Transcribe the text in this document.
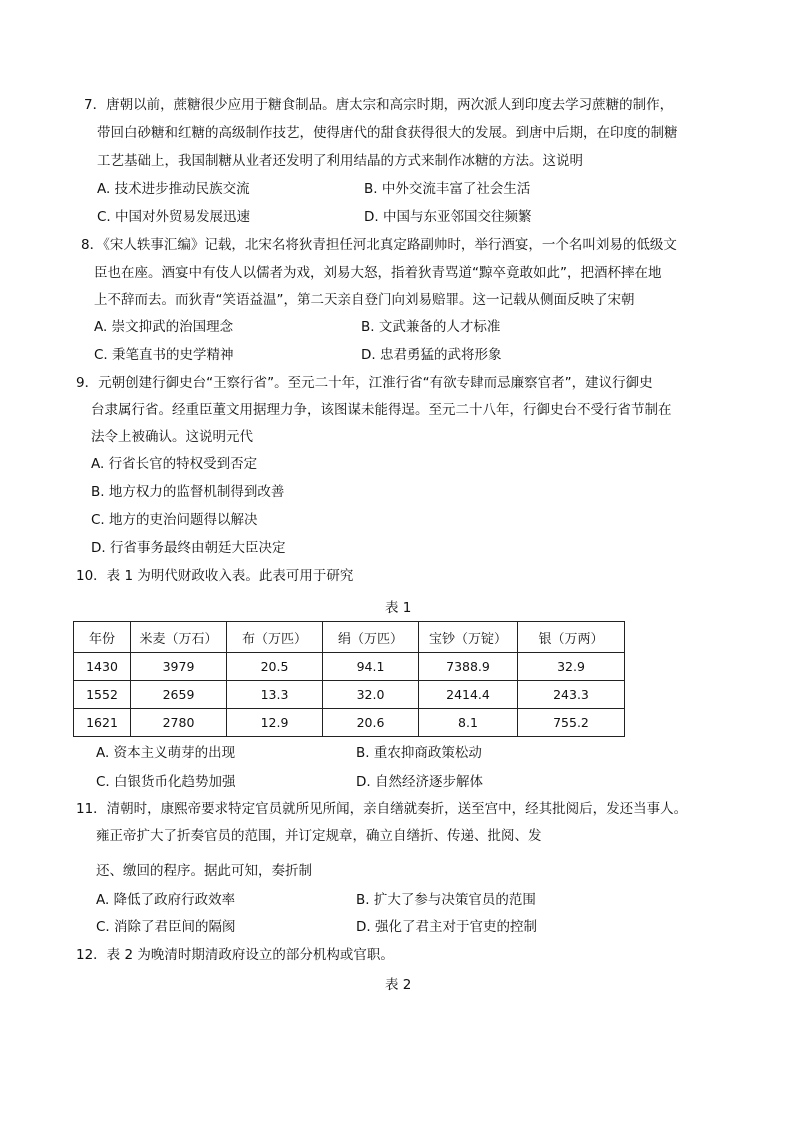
7．唐朝以前，蔗糖很少应用于糖食制品。唐太宗和高宗时期，两次派人到印度去学习蔗糖的制作，
带回白砂糖和红糖的高级制作技艺，使得唐代的甜食获得很大的发展。到唐中后期，在印度的制糖
工艺基础上，我国制糖从业者还发明了利用结晶的方式来制作冰糖的方法。这说明
A. 技术进步推动民族交流	B. 中外交流丰富了社会生活
C. 中国对外贸易发展迅速	D. 中国与东亚邻国交往频繁
8．《宋人轶事汇编》记载，北宋名将狄青担任河北真定路副帅时，举行酒宴，一个名叫刘易的低级文
臣也在座。酒宴中有伎人以儒者为戏，刘易大怒，指着狄青骂道“黥卒竟敢如此”，把酒杯摔在地
上不辞而去。而狄青“笑语益温”，第二天亲自登门向刘易赔罪。这一记载从侧面反映了宋朝
A. 崇文抑武的治国理念	B. 文武兼备的人才标准
C. 秉笔直书的史学精神	D. 忠君勇猛的武将形象
9．元朝创建行御史台“王察行省”。至元二十年，江淮行省“有欲专肆而忌廉察官者”，建议行御史
台隶属行省。经重臣董文用据理力争，该图谋未能得逞。至元二十八年，行御史台不受行省节制在
法令上被确认。这说明元代
A. 行省长官的特权受到否定
B. 地方权力的监督机制得到改善
C. 地方的吏治问题得以解决
D. 行省事务最终由朝廷大臣决定
10．表 1 为明代财政收入表。此表可用于研究
表 1
年份	米麦（万石）	布（万匹）	绢（万匹）	宝钞（万锭）	银（万两）
1430	3979	20.5	94.1	7388.9	32.9
1552	2659	13.3	32.0	2414.4	243.3
1621	2780	12.9	20.6	8.1	755.2
A. 资本主义萌芽的出现	B. 重农抑商政策松动
C. 白银货币化趋势加强	D. 自然经济逐步解体
11．清朝时，康熙帝要求特定官员就所见所闻，亲自缮就奏折，送至宫中，经其批阅后，发还当事人。
雍正帝扩大了折奏官员的范围，并订定规章，确立自缮折、传递、批阅、发
还、缴回的程序。据此可知，奏折制
A. 降低了政府行政效率	B. 扩大了参与决策官员的范围
C. 消除了君臣间的隔阂	D. 强化了君主对于官吏的控制
12．表 2 为晚清时期清政府设立的部分机构或官职。
表 2
